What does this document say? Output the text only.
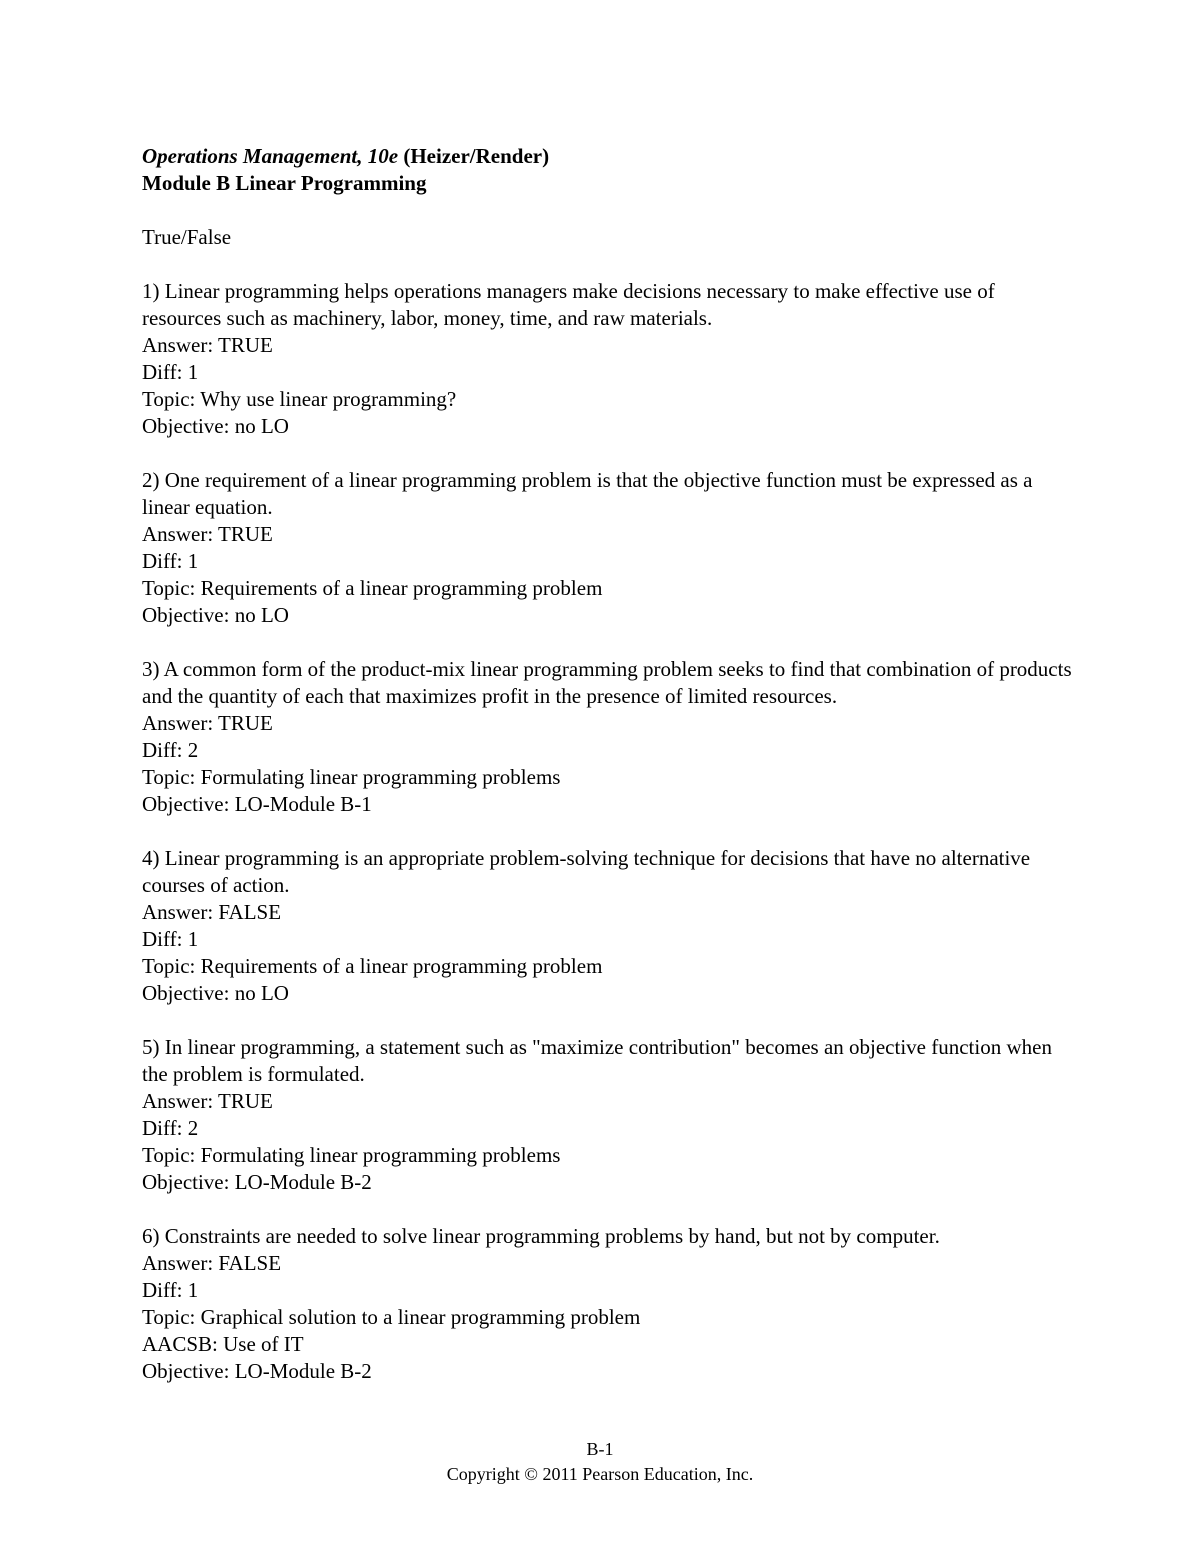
Operations Management, 10e (Heizer/Render)
Module B Linear Programming
True/False

1) Linear programming helps operations managers make decisions necessary to make effective use of resources such as machinery, labor, money, time, and raw materials.

Answer: TRUE
Diff: 1
Topic: Why use linear programming?
Objective: no LO

2) One requirement of a linear programming problem is that the objective function must be expressed as a linear equation.

Answer: TRUE
Diff: 1
Topic: Requirements of a linear programming problem
Objective: no LO

3) A common form of the product-mix linear programming problem seeks to find that combination of products and the quantity of each that maximizes profit in the presence of limited resources.

Answer: TRUE
Diff: 2
Topic: Formulating linear programming problems
Objective: LO-Module B-1

4) Linear programming is an appropriate problem-solving technique for decisions that have no alternative courses of action.

Answer: FALSE
Diff: 1
Topic: Requirements of a linear programming problem
Objective: no LO

5) In linear programming, a statement such as "maximize contribution" becomes an objective function when the problem is formulated.

Answer: TRUE
Diff: 2
Topic: Formulating linear programming problems
Objective: LO-Module B-2

6) Constraints are needed to solve linear programming problems by hand, but not by computer.

Answer: FALSE
Diff: 1
Topic: Graphical solution to a linear programming problem
AACSB: Use of IT
Objective: LO-Module B-2
B-1
Copyright © 2011 Pearson Education, Inc.
